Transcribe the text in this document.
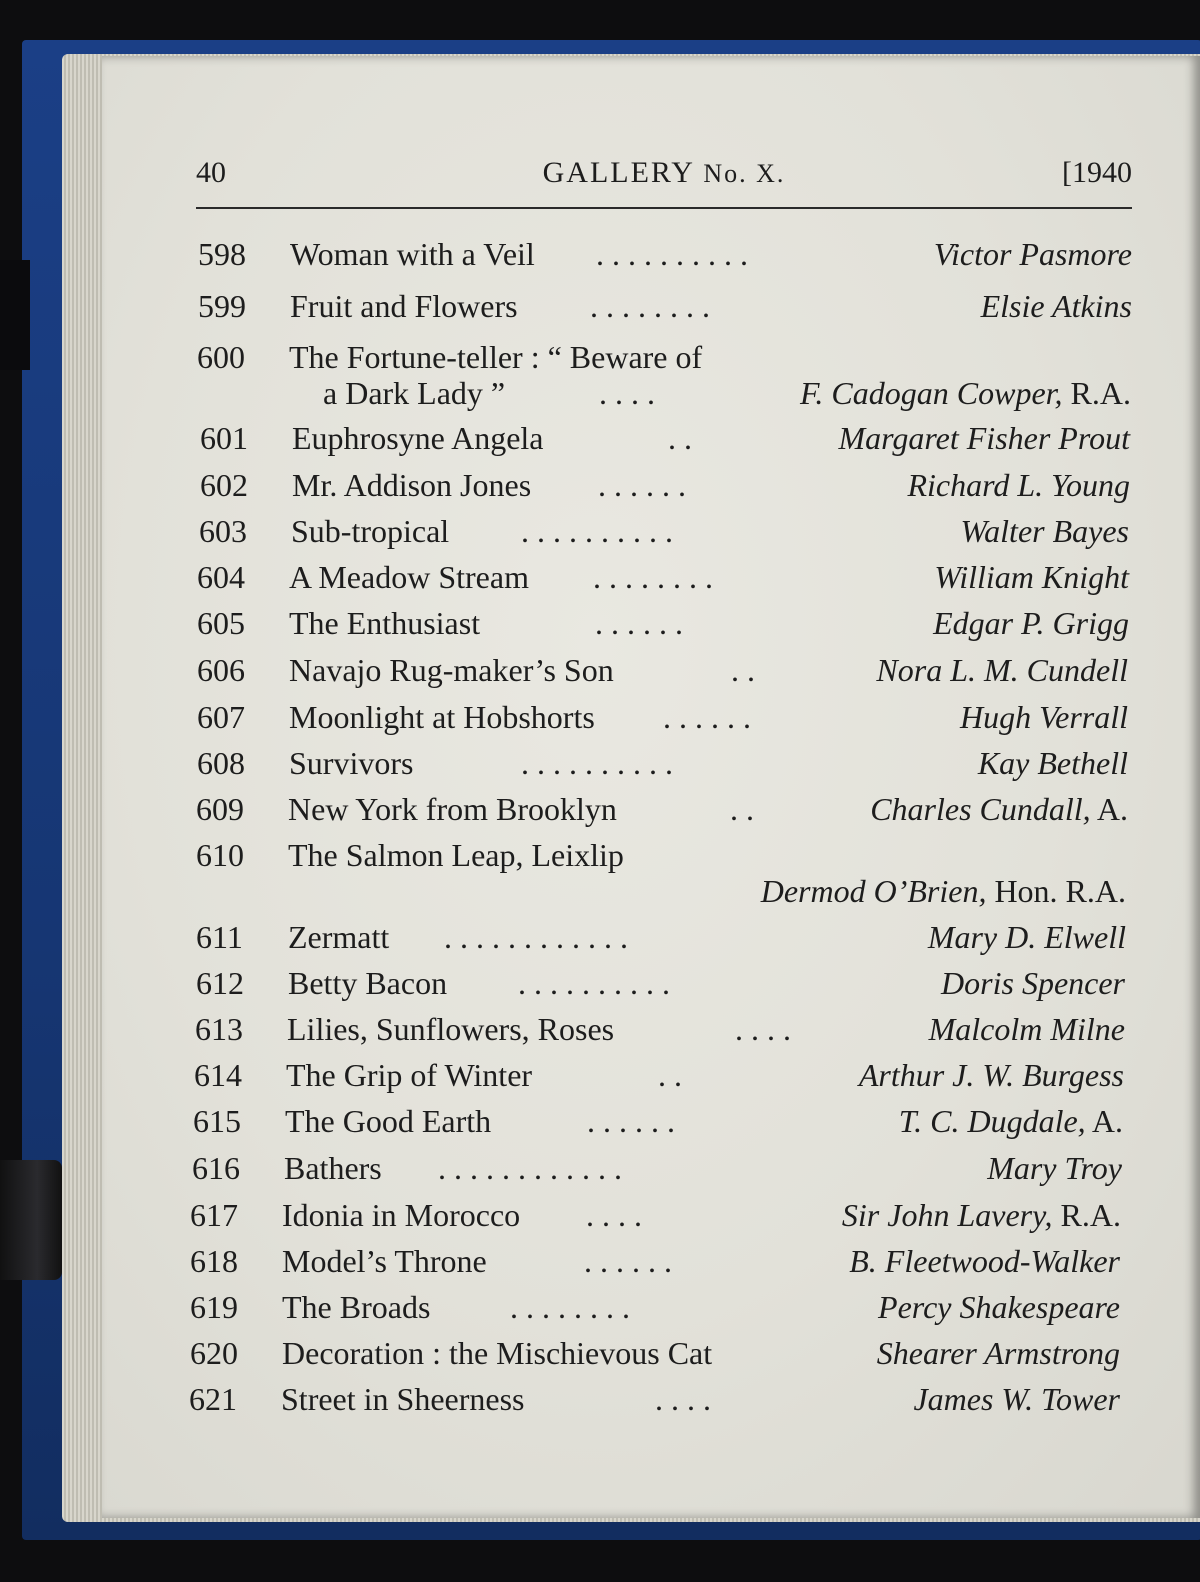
40	GALLERY No. X.	[1940
598 Woman with a Veil . . . . . . . . . .	Victor Pasmore
599 Fruit and Flowers . . . . . . . .	Elsie Atkins
600 The Fortune-teller : “ Beware of
a Dark Lady ”	. . . .	F. Cadogan Cowper, R.A.
601 Euphrosyne Angela	. .	Margaret Fisher Prout
602 Mr. Addison Jones . . . . . .	Richard L. Young
603 Sub-tropical . . . . . . . . . .	Walter Bayes
604 A Meadow Stream . . . . . . . .	William Knight
605 The Enthusiast	. . . . . .	Edgar P. Grigg
606 Navajo Rug-maker’s Son	. .	Nora L. M. Cundell
607 Moonlight at Hobshorts . . . . . .	Hugh Verrall
608 Survivors	. . . . . . . . . .	Kay Bethell
609 New York from Brooklyn	. .	Charles Cundall, A.
610 The Salmon Leap, Leixlip
Dermod O’Brien, Hon. R.A.
611 Zermatt . . . . . . . . . . . .	Mary D. Elwell
612 Betty Bacon . . . . . . . . . .	Doris Spencer
613 Lilies, Sunflowers, Roses	. . . .	Malcolm Milne
614 The Grip of Winter	. .	Arthur J. W. Burgess
615 The Good Earth	. . . . . .	T. C. Dugdale, A.
616 Bathers . . . . . . . . . . . .	Mary Troy
617 Idonia in Morocco . . . .	Sir John Lavery, R.A.
618 Model’s Throne	. . . . . .	B. Fleetwood-Walker
619 The Broads . . . . . . . .	Percy Shakespeare
620 Decoration : the Mischievous Cat	Shearer Armstrong
621 Street in Sheerness	. . . .	James W. Tower
